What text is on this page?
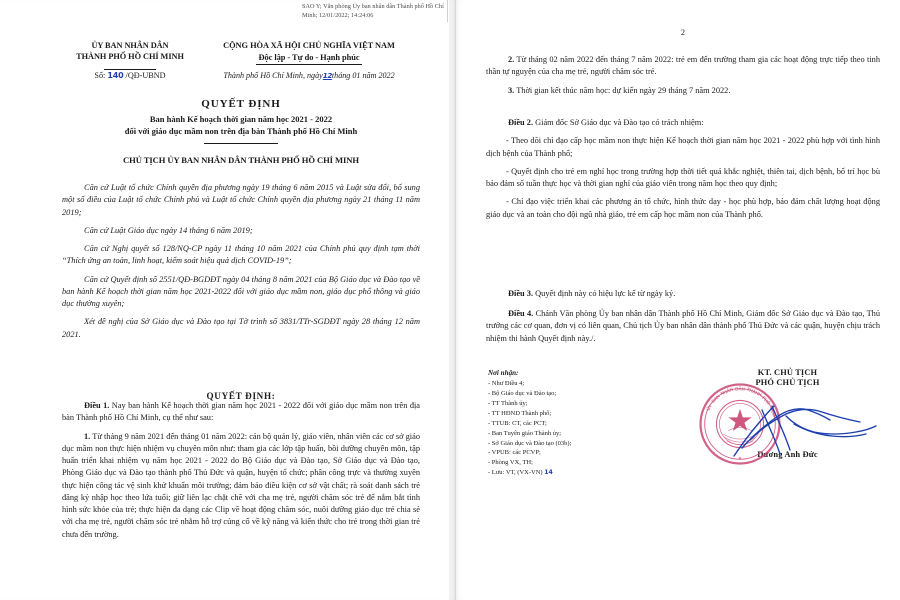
SAO Y; Văn phòng Ủy ban nhân dân Thành phố Hồ Chí Minh; 12/01/2022; 14:24:06
ỦY BAN NHÂN DÂN
THÀNH PHỐ HỒ CHÍ MINH
CỘNG HÒA XÃ HỘI CHỦ NGHĨA VIỆT NAM
Độc lập - Tự do - Hạnh phúc
Số: 140 /QĐ-UBND	Thành phố Hồ Chí Minh, ngày12tháng 01 năm 2022
QUYẾT ĐỊNH
Ban hành Kế hoạch thời gian năm học 2021 - 2022
đối với giáo dục mầm non trên địa bàn Thành phố Hồ Chí Minh
CHỦ TỊCH ỦY BAN NHÂN DÂN THÀNH PHỐ HỒ CHÍ MINH
Căn cứ Luật tổ chức Chính quyền địa phương ngày 19 tháng 6 năm 2015 và Luật sửa đổi, bổ sung một số điều của Luật tổ chức Chính phủ và Luật tổ chức Chính quyền địa phương ngày 21 tháng 11 năm 2019;
Căn cứ Luật Giáo dục ngày 14 tháng 6 năm 2019;
Căn cứ Nghị quyết số 128/NQ-CP ngày 11 tháng 10 năm 2021 của Chính phủ quy định tạm thời “Thích ứng an toàn, linh hoạt, kiểm soát hiệu quả dịch COVID-19”;
Căn cứ Quyết định số 2551/QĐ-BGDĐT ngày 04 tháng 8 năm 2021 của Bộ Giáo dục và Đào tạo về ban hành Kế hoạch thời gian năm học 2021-2022 đối với giáo dục mầm non, giáo dục phổ thông và giáo dục thường xuyên;
Xét đề nghị của Sở Giáo dục và Đào tạo tại Tờ trình số 3831/TTr-SGDĐT ngày 28 tháng 12 năm 2021.
QUYẾT ĐỊNH:
Điều 1. Nay ban hành Kế hoạch thời gian năm học 2021 - 2022 đối với giáo dục mầm non trên địa bàn Thành phố Hồ Chí Minh, cụ thể như sau:
1. Từ tháng 9 năm 2021 đến tháng 01 năm 2022: cán bộ quản lý, giáo viên, nhân viên các cơ sở giáo dục mầm non thực hiện nhiệm vụ chuyên môn như: tham gia các lớp tập huấn, bồi dưỡng chuyên môn, tập huấn triển khai nhiệm vụ năm học 2021 - 2022 do Bộ Giáo dục và Đào tạo, Sở Giáo dục và Đào tạo, Phòng Giáo dục và Đào tạo thành phố Thủ Đức và quận, huyện tổ chức; phân công trực và thường xuyên thực hiện công tác vệ sinh khử khuẩn môi trường; đảm bảo điều kiện cơ sở vật chất; rà soát danh sách trẻ đăng ký nhập học theo lứa tuổi; giữ liên lạc chặt chẽ với cha mẹ trẻ, người chăm sóc trẻ để nắm bắt tình hình sức khỏe của trẻ; thực hiện đa dạng các Clip về hoạt động chăm sóc, nuôi dưỡng giáo dục trẻ chia sẻ với cha mẹ trẻ, người chăm sóc trẻ nhằm hỗ trợ củng cố về kỹ năng và kiến thức cho trẻ trong thời gian trẻ chưa đến trường.
2
2. Từ tháng 02 năm 2022 đến tháng 7 năm 2022: trẻ em đến trường tham gia các hoạt động trực tiếp theo tinh thần tự nguyện của cha mẹ trẻ, người chăm sóc trẻ.
3. Thời gian kết thúc năm học: dự kiến ngày 29 tháng 7 năm 2022.
Điều 2. Giám đốc Sở Giáo dục và Đào tạo có trách nhiệm:
- Theo dõi chỉ đạo cấp học mầm non thực hiện Kế hoạch thời gian năm học 2021 - 2022 phù hợp với tình hình dịch bệnh của Thành phố;
- Quyết định cho trẻ em nghỉ học trong trường hợp thời tiết quá khắc nghiệt, thiên tai, dịch bệnh, bố trí học bù bảo đảm số tuần thực học và thời gian nghỉ của giáo viên trong năm học theo quy định;
- Chỉ đạo việc triển khai các phương án tổ chức, hình thức dạy - học phù hợp, bảo đảm chất lượng hoạt động giáo dục và an toàn cho đội ngũ nhà giáo, trẻ em cấp học mầm non của Thành phố.
Điều 3. Quyết định này có hiệu lực kể từ ngày ký.
Điều 4. Chánh Văn phòng Ủy ban nhân dân Thành phố Hồ Chí Minh, Giám đốc Sở Giáo dục và Đào tạo, Thủ trưởng các cơ quan, đơn vị có liên quan, Chủ tịch Ủy ban nhân dân thành phố Thủ Đức và các quận, huyện chịu trách nhiệm thi hành Quyết định này./.
Nơi nhận:
- Như Điều 4;
- Bộ Giáo dục và Đào tạo;
- TT Thành ủy;
- TT HĐND Thành phố;
- TTUB: CT, các PCT;
- Ban Tuyên giáo Thành ủy;
- Sở Giáo dục và Đào tạo (03b);
- VPUB: các PCVP;
- Phòng VX, TH;
- Lưu: VT, (VX-VN) 14
KT. CHỦ TỊCH
PHÓ CHỦ TỊCH
ỦY
BAN
NHÂN DÂN THÀNH
PHỐ
HCM
★	Dương Anh Đức
